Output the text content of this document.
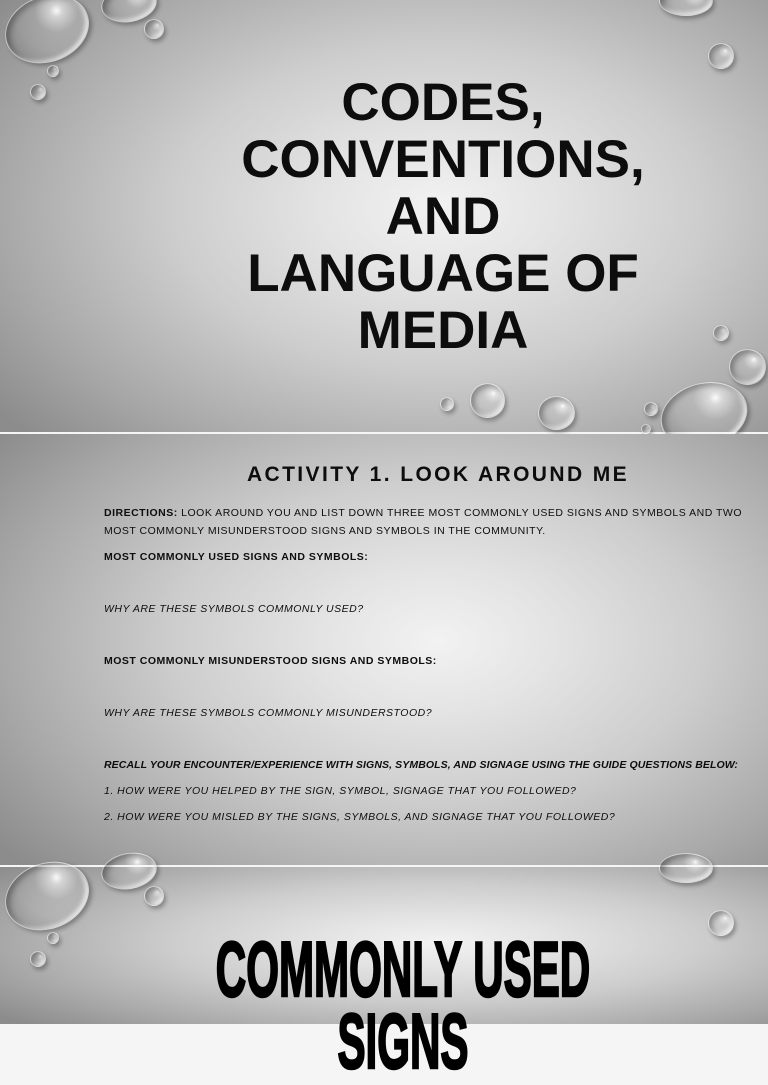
CODES,
CONVENTIONS,
AND
LANGUAGE OF
MEDIA
ACTIVITY 1. LOOK AROUND ME
DIRECTIONS: LOOK AROUND YOU AND LIST DOWN THREE MOST COMMONLY USED SIGNS AND SYMBOLS AND TWO MOST COMMONLY MISUNDERSTOOD SIGNS AND SYMBOLS IN THE COMMUNITY.
MOST COMMONLY USED SIGNS AND SYMBOLS:
WHY ARE THESE SYMBOLS COMMONLY USED?
MOST COMMONLY MISUNDERSTOOD SIGNS AND SYMBOLS:
WHY ARE THESE SYMBOLS COMMONLY MISUNDERSTOOD?
RECALL YOUR ENCOUNTER/EXPERIENCE WITH SIGNS, SYMBOLS, AND SIGNAGE USING THE GUIDE QUESTIONS BELOW:
1. HOW WERE YOU HELPED BY THE SIGN, SYMBOL, SIGNAGE THAT YOU FOLLOWED?
2. HOW WERE YOU MISLED BY THE SIGNS, SYMBOLS, AND SIGNAGE THAT YOU FOLLOWED?
COMMONLY USED
SIGNS
